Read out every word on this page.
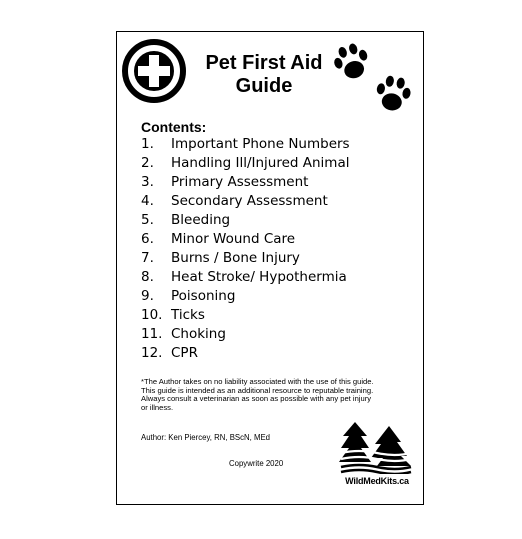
Pet First Aid
Guide
Contents:
1. Important Phone Numbers
2. Handling Ill/Injured Animal
3. Primary Assessment
4. Secondary Assessment
5. Bleeding
6. Minor Wound Care
7. Burns / Bone Injury
8. Heat Stroke/ Hypothermia
9. Poisoning
10. Ticks
11. Choking
12. CPR
*The Author takes on no liability associated with the use of this guide. This guide is intended as an additional resource to reputable training. Always consult a veterinarian as soon as possible with any pet injury or illness.
Author: Ken Piercey, RN, BScN, MEd
Copywrite 2020
WildMedKits.ca
